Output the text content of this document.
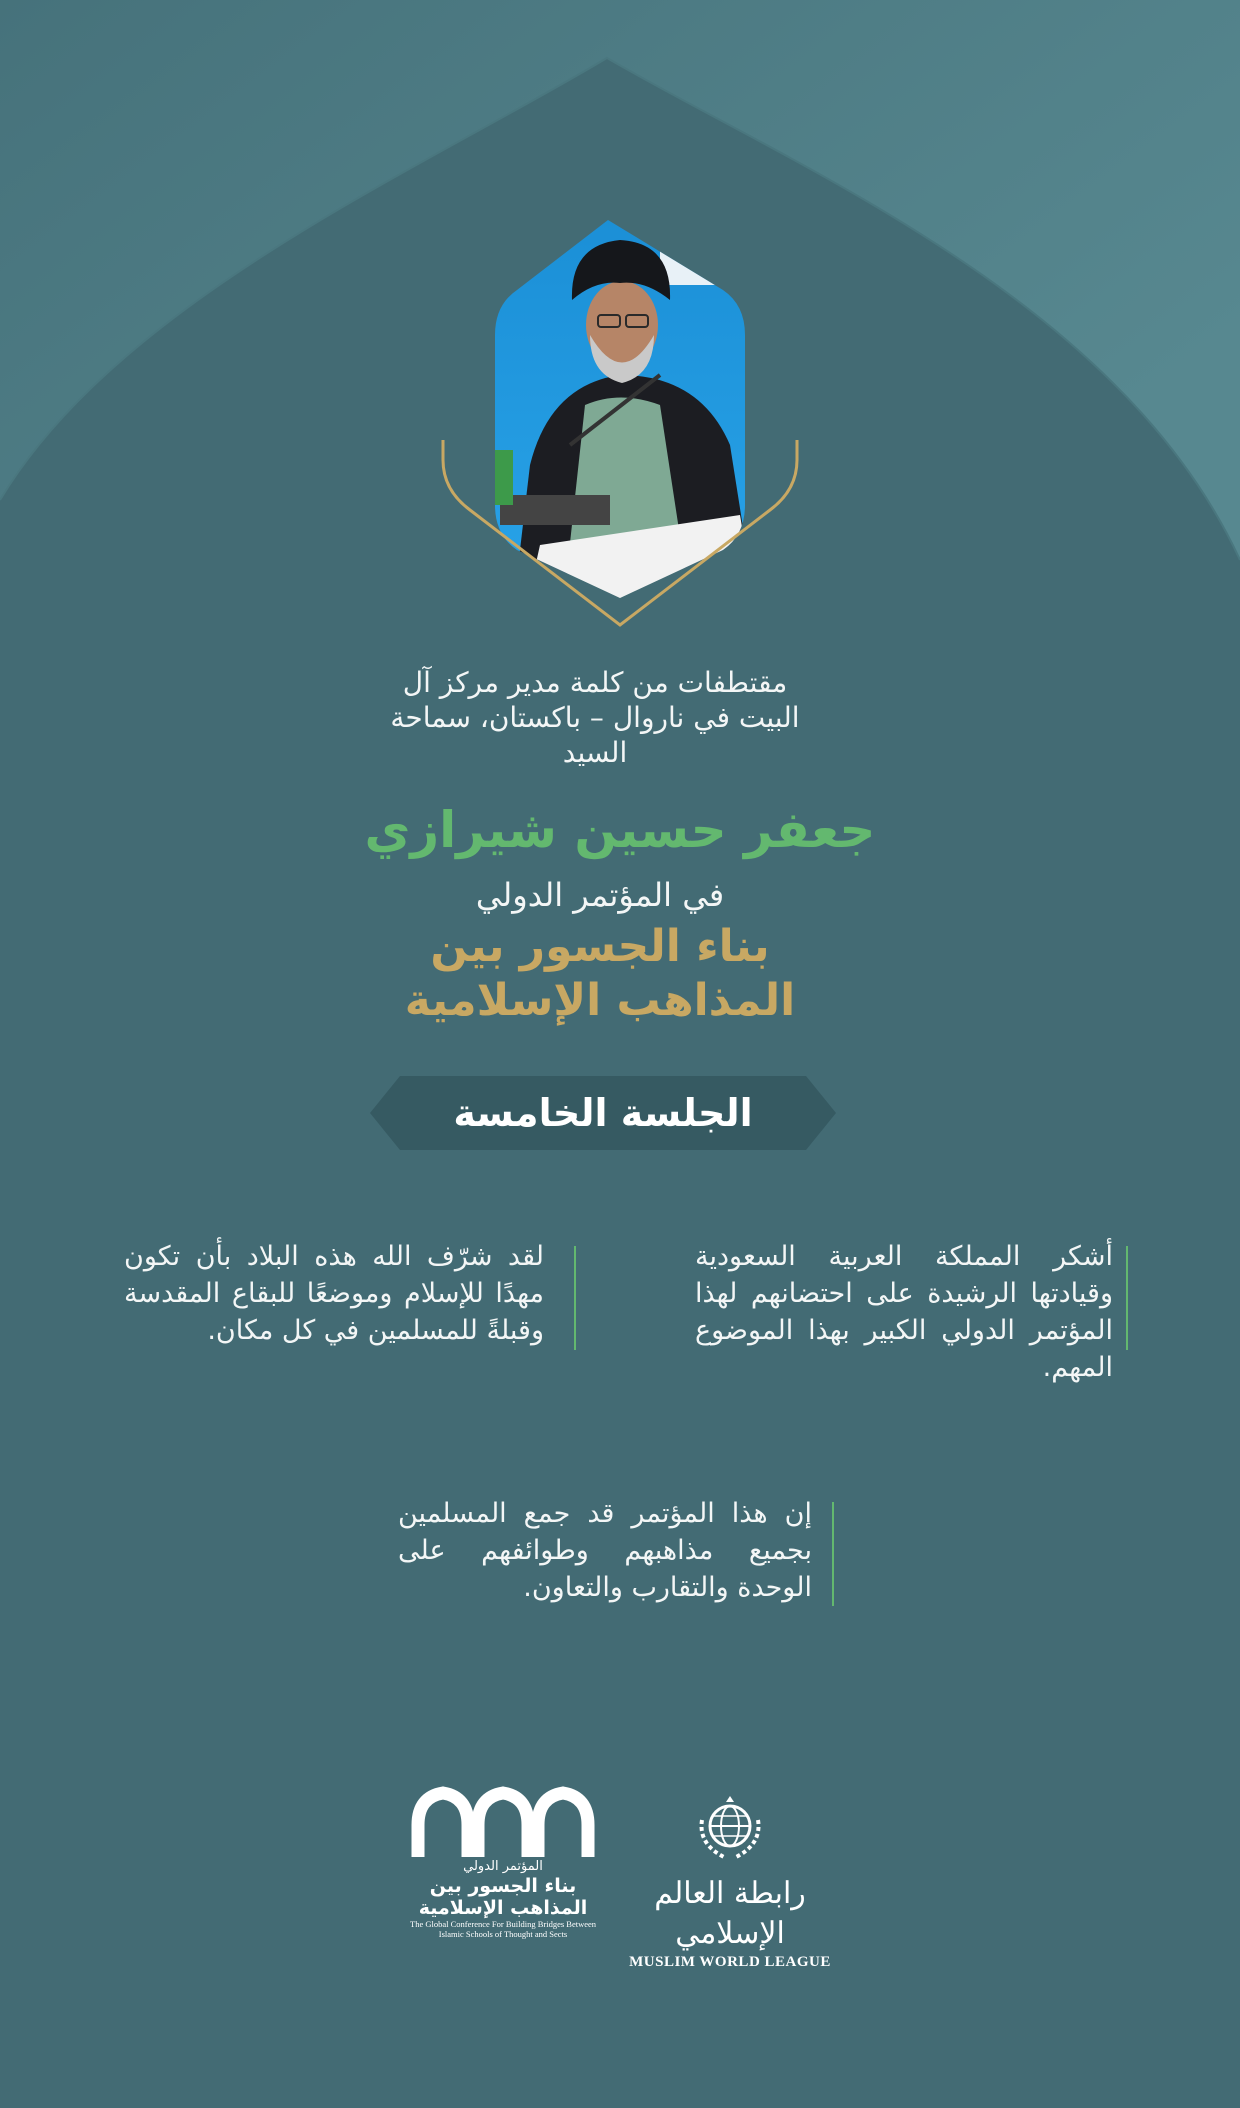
مقتطفات من كلمة مدير مركز آل البيت في ناروال – باكستان، سماحة السيد
جعفر حسين شيرازي
في المؤتمر الدولي
بناء الجسور بين المذاهب الإسلامية
الجلسة الخامسة
أشكر المملكة العربية السعودية وقيادتها الرشيدة على احتضانهم لهذا المؤتمر الدولي الكبير بهذا الموضوع المهم.
لقد شرّف الله هذه البلاد بأن تكون مهدًا للإسلام وموضعًا للبقاع المقدسة وقبلةً للمسلمين في كل مكان.
إن هذا المؤتمر قد جمع المسلمين بجميع مذاهبهم وطوائفهم على الوحدة والتقارب والتعاون.
المؤتمر الدولي
بناء الجسور بين
المذاهب الإسلامية
The Global Conference For Building Bridges Between Islamic Schools of Thought and Sects
رابطة العالم الإسلامي
MUSLIM WORLD LEAGUE
